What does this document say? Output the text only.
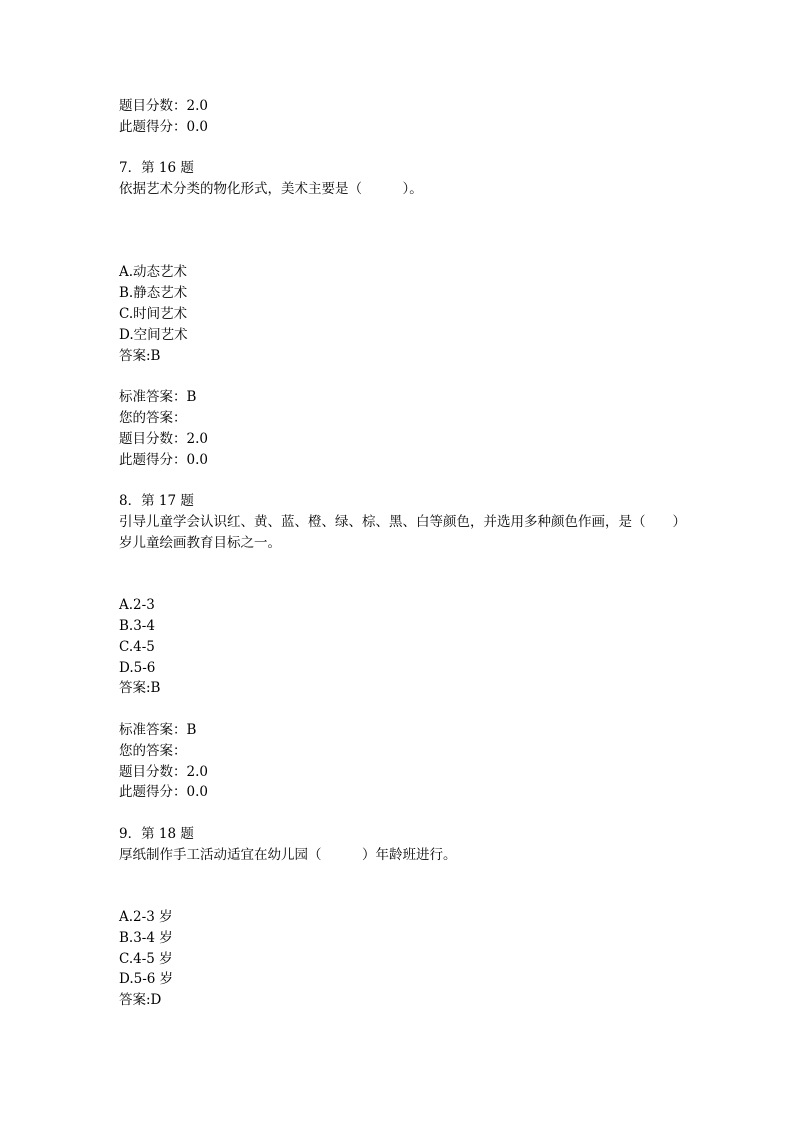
题目分数：2.0
此题得分：0.0
7．第 16 题
依据艺术分类的物化形式，美术主要是（　　　）。
A.动态艺术
B.静态艺术
C.时间艺术
D.空间艺术
答案:B
标准答案：B
您的答案：
题目分数：2.0
此题得分：0.0
8．第 17 题
引导儿童学会认识红、黄、蓝、橙、绿、棕、黑、白等颜色，并选用多种颜色作画，是（　　）
岁儿童绘画教育目标之一。
A.2-3
B.3-4
C.4-5
D.5-6
答案:B
标准答案：B
您的答案：
题目分数：2.0
此题得分：0.0
9．第 18 题
厚纸制作手工活动适宜在幼儿园（　　　）年龄班进行。
A.2-3 岁
B.3-4 岁
C.4-5 岁
D.5-6 岁
答案:D
